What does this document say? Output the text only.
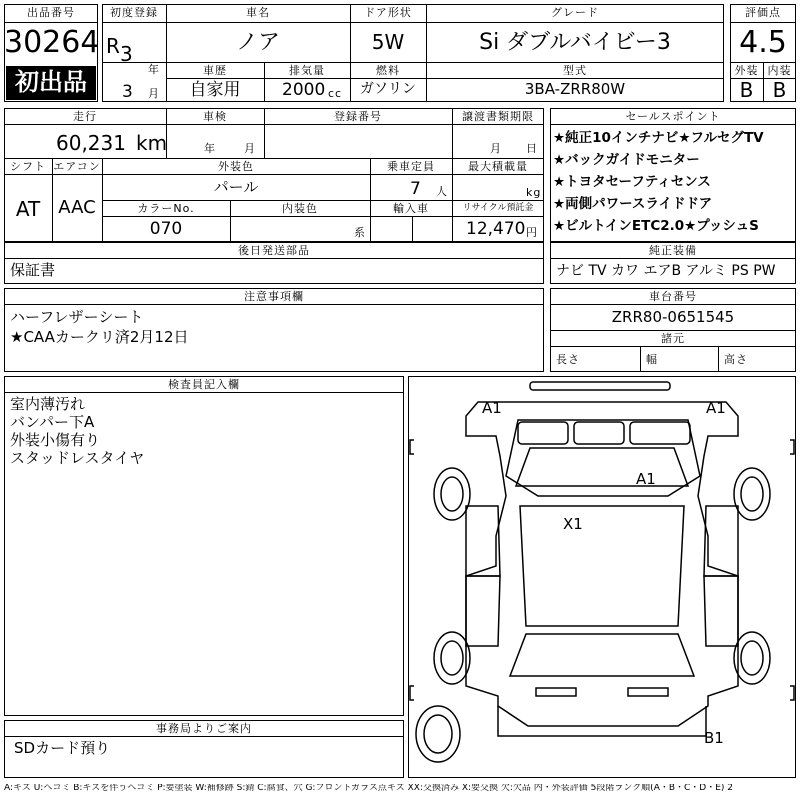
出品番号
30264
初出品
初度登録
R 3
年
3 月
車名
ノア
ドア形状
5W
グレード
Si ダブルバイビー3
車歴
自家用
排気量
2000 cc
燃料
ガソリン
型式
3BA-ZRR80W
評価点
4.5
外装 内装
B B
走行
60,231 km
車検
年	月
登録番号	譲渡書類期限
月 日
シフト
AT
エアコン
AAC
外装色
パール
乗車定員
7 人
最大積載量
kg
カラーNo.
070
内装色
系
輸入車	リサイクル預託金
12,470 円
セールスポイント
★純正10インチナビ★フルセグTV
★バックガイドモニター
★トヨタセーフティセンス
★両側パワースライドドア
★ビルトインETC2.0★プッシュS
後日発送部品
保証書
純正装備
ナビ TV カワ エアB アルミ PS PW
注意事項欄
ハーフレザーシート
★CAAカークリ済2月12日
車台番号
ZRR80-0651545
諸元
長さ	幅	高さ
検査員記入欄
室内薄汚れ
バンパー下A
外装小傷有り
スタッドレスタイヤ
事務局よりご案内
SDカード預り
A1	A1
A1
X1
B1
A:キズ U:ヘコミ B:キズを伴うヘコミ P:要塗装 W:補修跡 S:錆 C:腐食、穴 G:フロントガラス点キズ XX:交換済み X:要交換 欠:欠品 内・外装評価 5段階ランク順(A・B・C・D・E) 2
